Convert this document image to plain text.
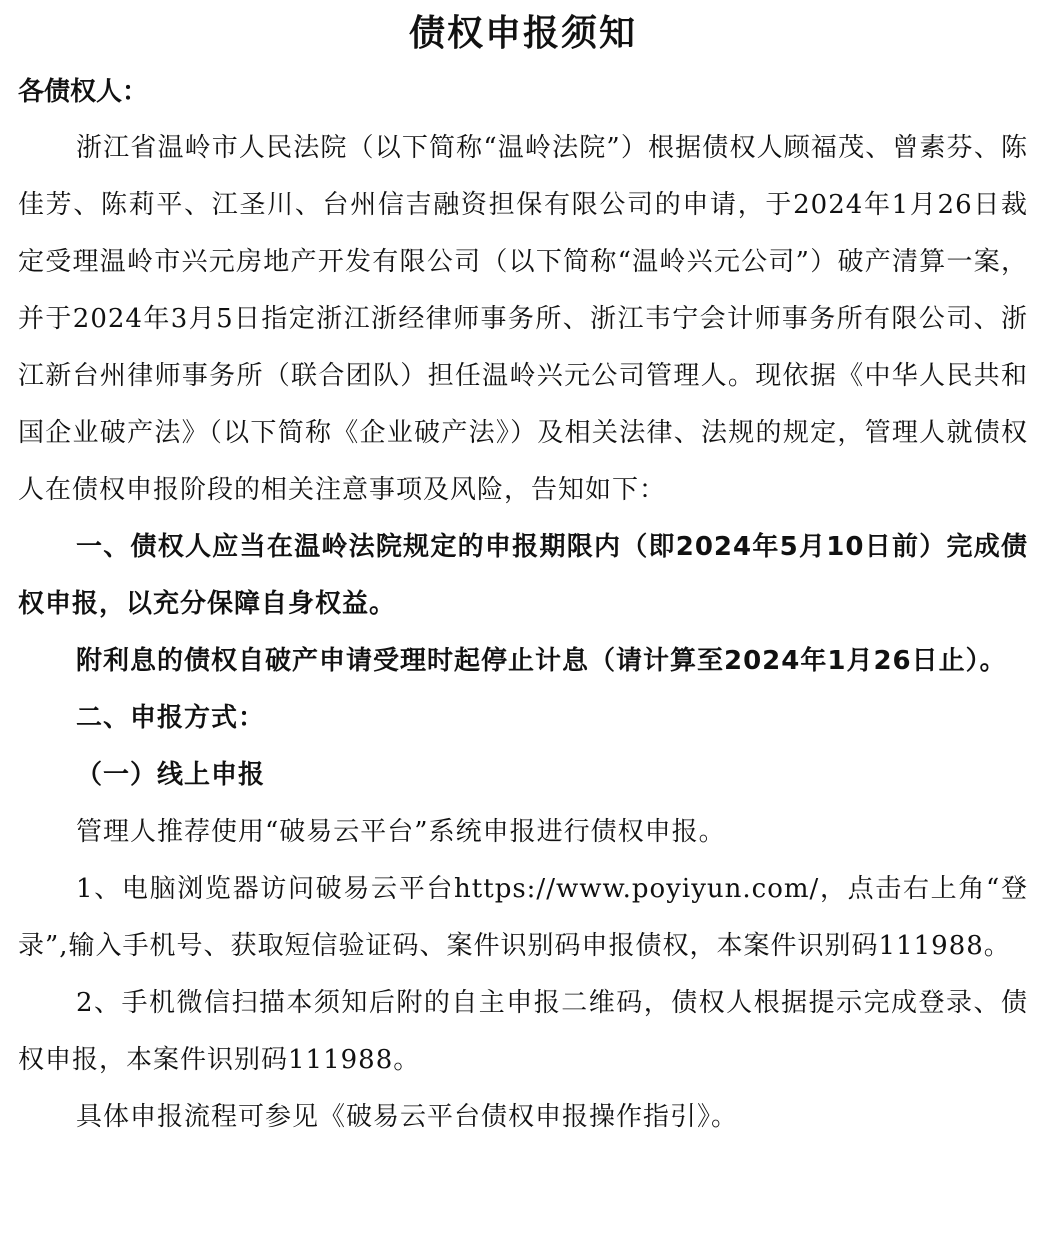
债权申报须知
各债权人：

浙江省温岭市人民法院（以下简称“温岭法院”）根据债权人顾福茂、曾素芬、陈佳芳、陈莉平、江圣川、台州信吉融资担保有限公司的申请，于2024年1月26日裁定受理温岭市兴元房地产开发有限公司（以下简称“温岭兴元公司”）破产清算一案，并于2024年3月5日指定浙江浙经律师事务所、浙江韦宁会计师事务所有限公司、浙江新台州律师事务所（联合团队）担任温岭兴元公司管理人。现依据《中华人民共和国企业破产法》（以下简称《企业破产法》）及相关法律、法规的规定，管理人就债权人在债权申报阶段的相关注意事项及风险，告知如下：

一、债权人应当在温岭法院规定的申报期限内（即2024年5月10日前）完成债权申报，以充分保障自身权益。

附利息的债权自破产申请受理时起停止计息（请计算至2024年1月26日止）。

二、申报方式：

（一）线上申报

管理人推荐使用“破易云平台”系统申报进行债权申报。

1、电脑浏览器访问破易云平台https://www.poyiyun.com/，点击右上角“登录”,输入手机号、获取短信验证码、案件识别码申报债权，本案件识别码111988。

2、手机微信扫描本须知后附的自主申报二维码，债权人根据提示完成登录、债权申报，本案件识别码111988。

具体申报流程可参见《破易云平台债权申报操作指引》。
